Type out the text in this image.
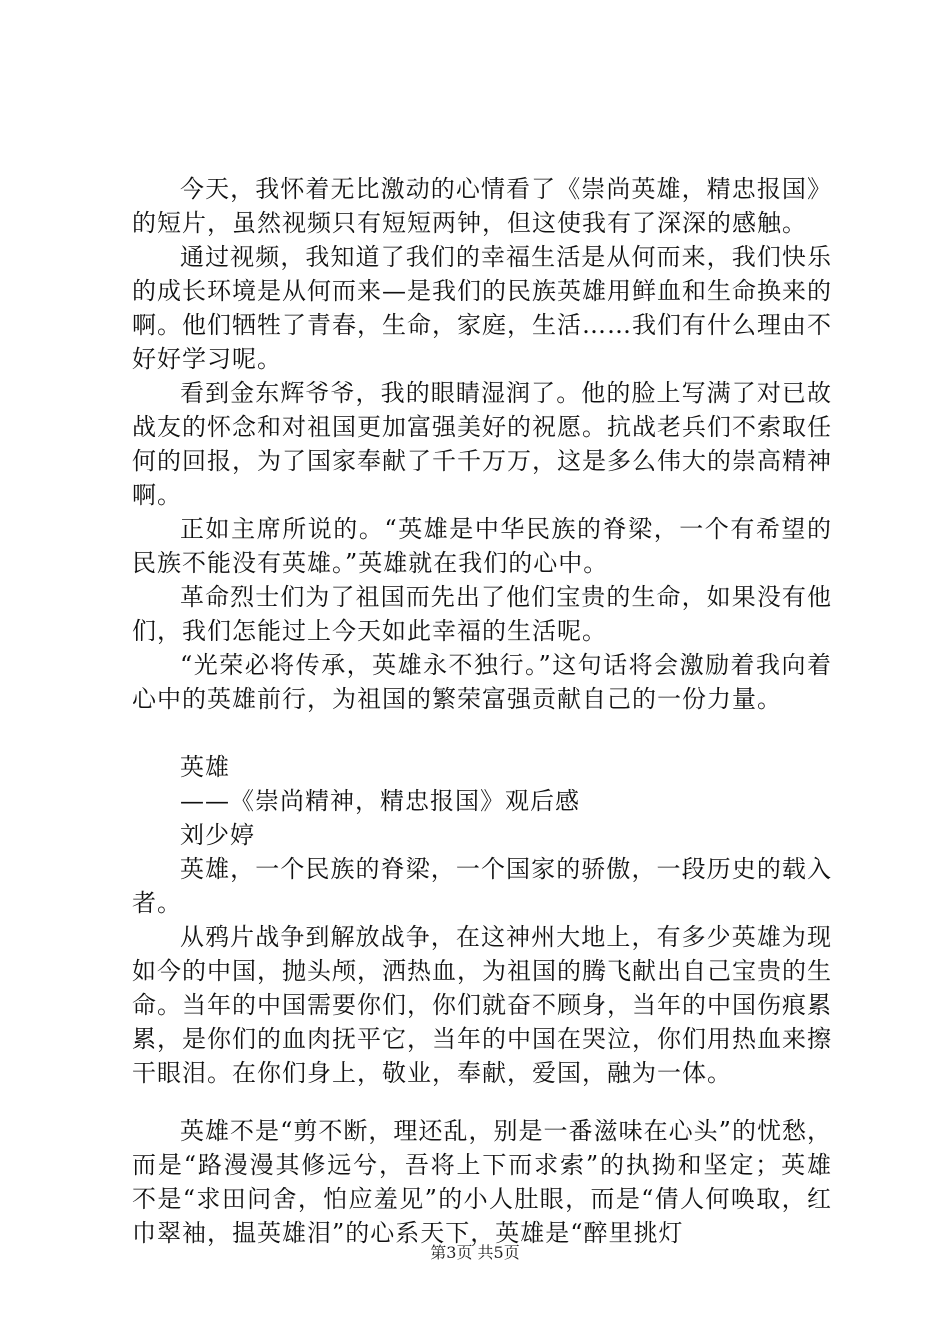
今天，我怀着无比激动的心情看了《崇尚英雄，精忠报国》的短片，虽然视频只有短短两钟，但这使我有了深深的感触。

通过视频，我知道了我们的幸福生活是从何而来，我们快乐的成长环境是从何而来—是我们的民族英雄用鲜血和生命换来的啊。他们牺牲了青春，生命，家庭，生活……我们有什么理由不好好学习呢。

看到金东辉爷爷，我的眼睛湿润了。他的脸上写满了对已故战友的怀念和对祖国更加富强美好的祝愿。抗战老兵们不索取任何的回报，为了国家奉献了千千万万，这是多么伟大的崇高精神啊。

正如主席所说的。“英雄是中华民族的脊梁，一个有希望的民族不能没有英雄。”英雄就在我们的心中。

革命烈士们为了祖国而先出了他们宝贵的生命，如果没有他们，我们怎能过上今天如此幸福的生活呢。

“光荣必将传承，英雄永不独行。”这句话将会激励着我向着心中的英雄前行，为祖国的繁荣富强贡献自己的一份力量。

英雄
——《崇尚精神，精忠报国》观后感
刘少婷

英雄，一个民族的脊梁，一个国家的骄傲，一段历史的载入者。

从鸦片战争到解放战争，在这神州大地上，有多少英雄为现如今的中国，抛头颅，洒热血，为祖国的腾飞献出自己宝贵的生命。当年的中国需要你们，你们就奋不顾身，当年的中国伤痕累累，是你们的血肉抚平它，当年的中国在哭泣，你们用热血来擦干眼泪。在你们身上，敬业，奉献，爱国，融为一体。

英雄不是“剪不断，理还乱，别是一番滋味在心头”的忧愁，而是“路漫漫其修远兮，吾将上下而求索”的执拗和坚定；英雄不是“求田问舍，怕应羞见”的小人肚眼，而是“倩人何唤取，红巾翠袖，揾英雄泪”的心系天下，英雄是“醉里挑灯

第3页 共5页
